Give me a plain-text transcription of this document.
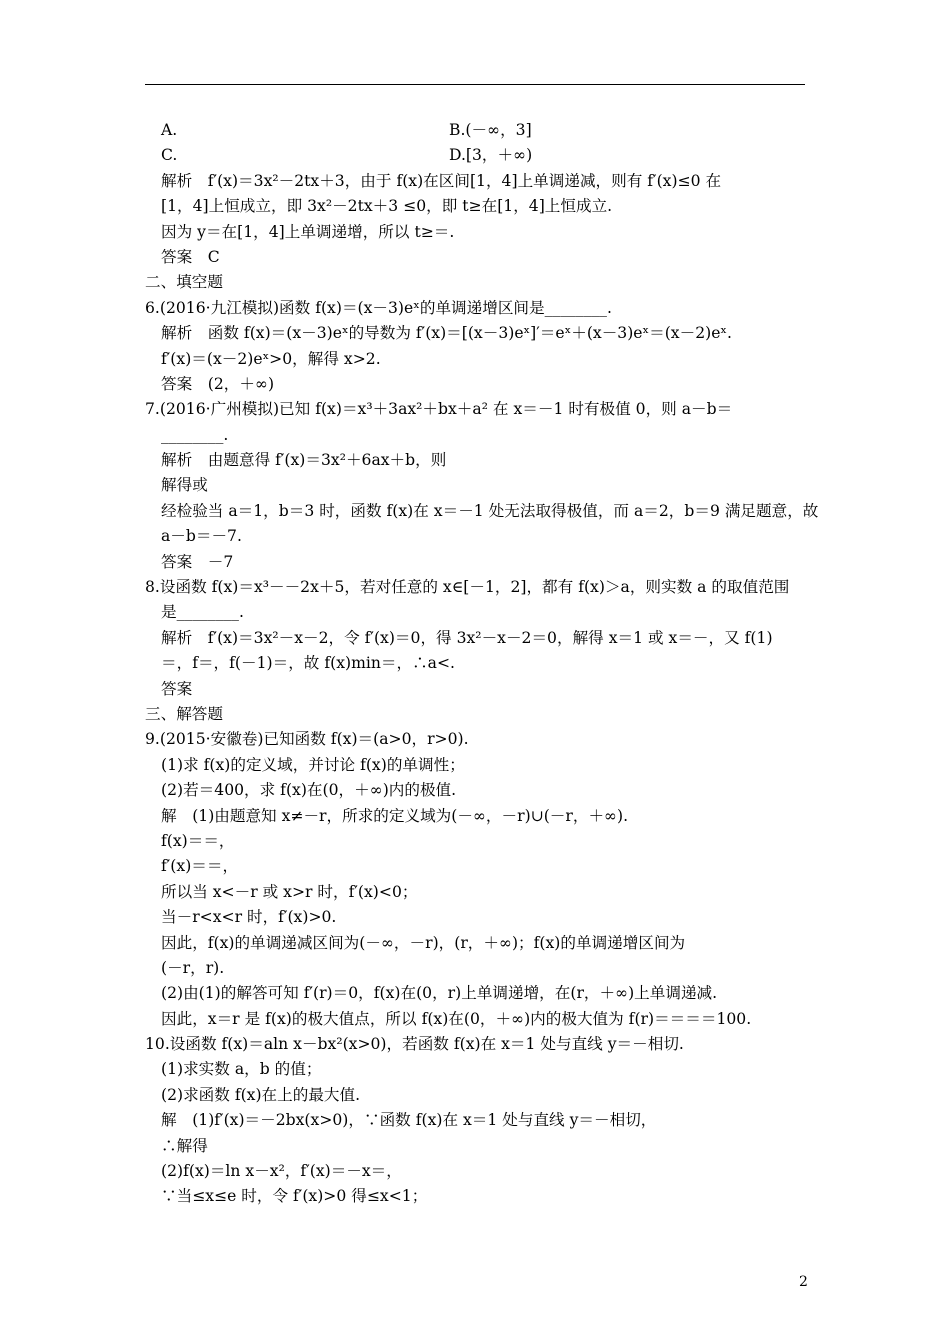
A.	B.(－∞，3]
C.	D.[3，＋∞)
解析　f′(x)＝3x²－2tx＋3，由于 f(x)在区间[1，4]上单调递减，则有 f′(x)≤0 在
[1，4]上恒成立，即 3x²－2tx＋3 ≤0，即 t≥在[1，4]上恒成立.
因为 y＝在[1，4]上单调递增，所以 t≥＝.
答案　C
二、填空题
6.(2016·九江模拟)函数 f(x)＝(x－3)eˣ的单调递增区间是________.
解析　函数 f(x)＝(x－3)eˣ的导数为 f′(x)＝[(x－3)eˣ]′＝eˣ＋(x－3)eˣ＝(x－2)eˣ.
f′(x)＝(x－2)eˣ>0，解得 x>2.
答案　(2，＋∞)
7.(2016·广州模拟)已知 f(x)＝x³＋3ax²＋bx＋a² 在 x＝－1 时有极值 0，则 a－b＝
________.
解析　由题意得 f′(x)＝3x²＋6ax＋b，则
解得或
经检验当 a＝1，b＝3 时，函数 f(x)在 x＝－1 处无法取得极值，而 a＝2，b＝9 满足题意，故
a－b＝－7.
答案　－7
8.设函数 f(x)＝x³－－2x＋5，若对任意的 x∈[－1，2]，都有 f(x)＞a，则实数 a 的取值范围
是________.
解析　f′(x)＝3x²－x－2，令 f′(x)＝0，得 3x²－x－2＝0，解得 x＝1 或 x＝－，又 f(1)
＝，f＝，f(－1)＝，故 f(x)min＝，∴a<.
答案
三、解答题
9.(2015·安徽卷)已知函数 f(x)＝(a>0，r>0).
(1)求 f(x)的定义域，并讨论 f(x)的单调性；
(2)若＝400，求 f(x)在(0，＋∞)内的极值.
解　(1)由题意知 x≠－r，所求的定义域为(－∞，－r)∪(－r，＋∞).
f(x)＝＝，
f′(x)＝＝，
所以当 x<－r 或 x>r 时，f′(x)<0；
当－r<x<r 时，f′(x)>0.
因此，f(x)的单调递减区间为(－∞，－r)，(r，＋∞)；f(x)的单调递增区间为
(－r，r).
(2)由(1)的解答可知 f′(r)＝0，f(x)在(0，r)上单调递增，在(r，＋∞)上单调递减.
因此，x＝r 是 f(x)的极大值点，所以 f(x)在(0，＋∞)内的极大值为 f(r)＝＝＝＝100.
10.设函数 f(x)＝aln x－bx²(x>0)，若函数 f(x)在 x＝1 处与直线 y＝－相切.
(1)求实数 a，b 的值；
(2)求函数 f(x)在上的最大值.
解　(1)f′(x)＝－2bx(x>0)，∵函数 f(x)在 x＝1 处与直线 y＝－相切，
∴解得
(2)f(x)＝ln x－x²，f′(x)＝－x＝，
∵当≤x≤e 时，令 f′(x)>0 得≤x<1；
2
